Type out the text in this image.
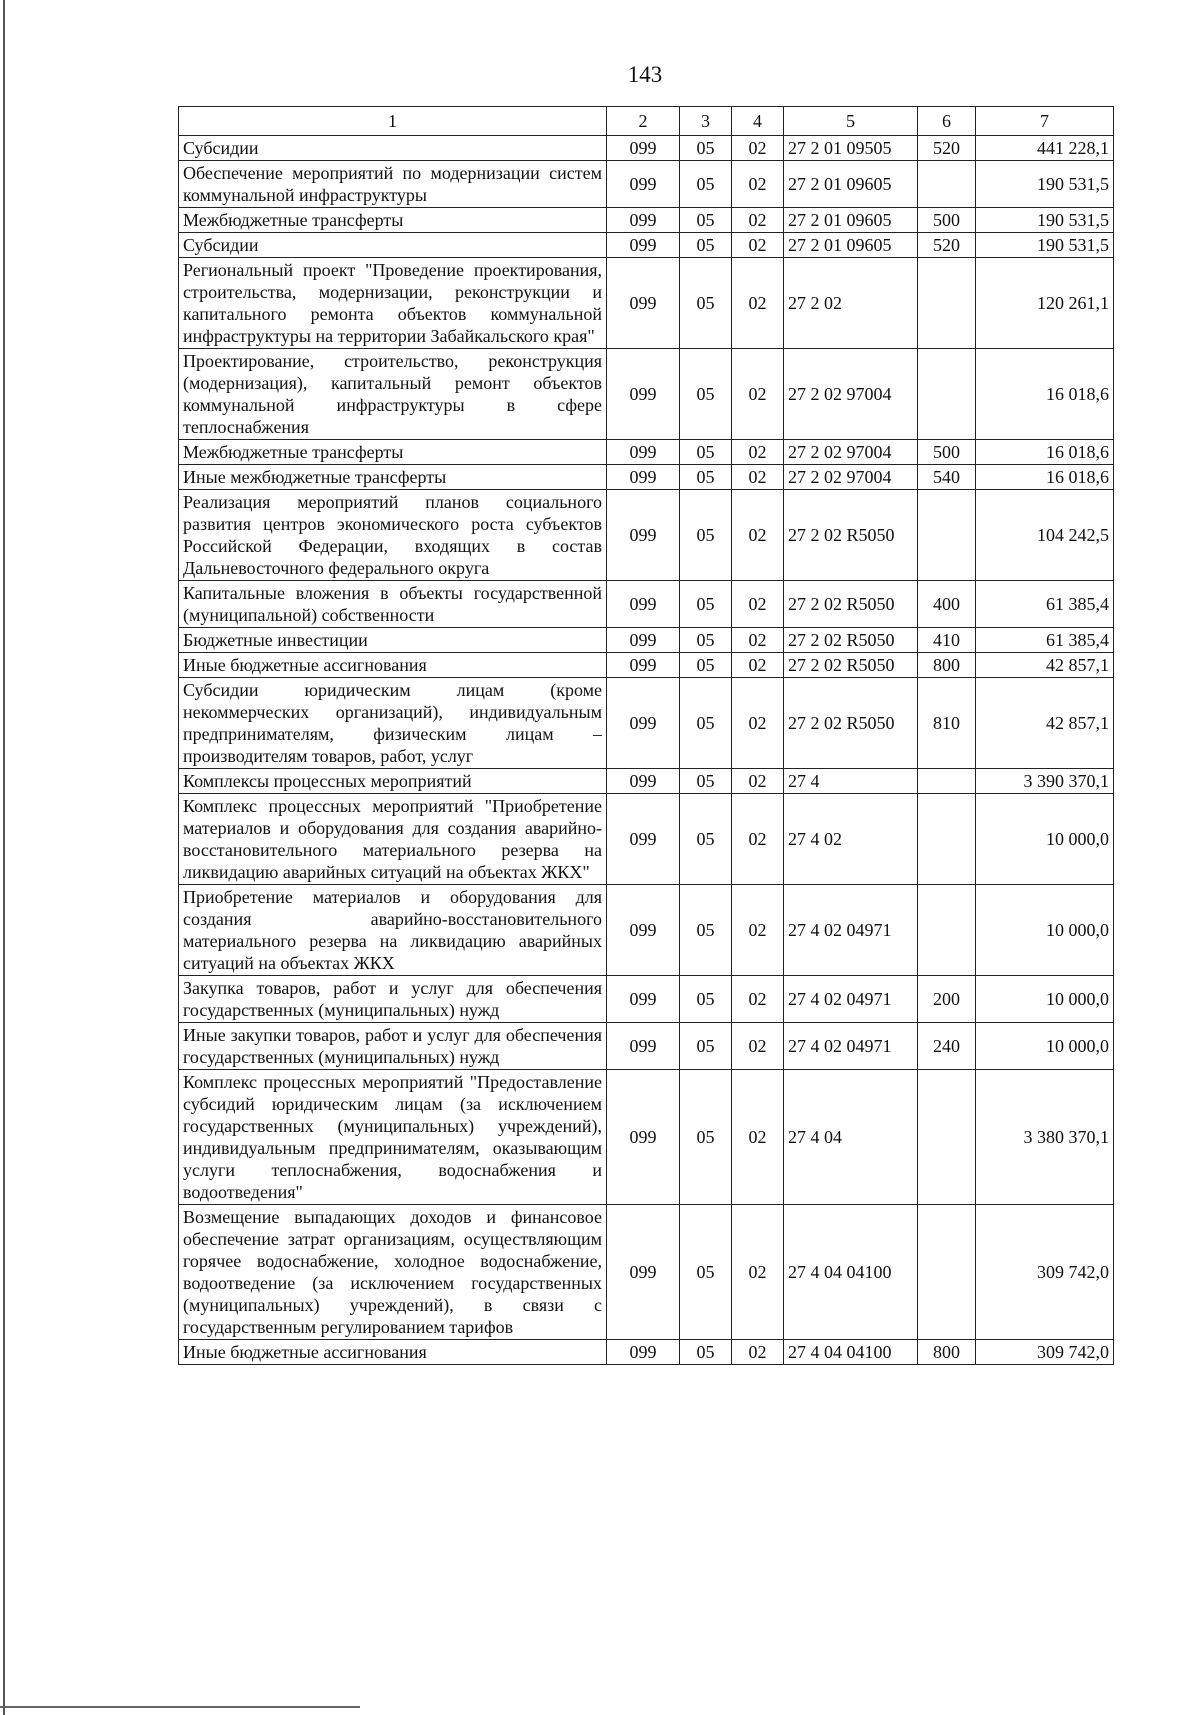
143
1	2	3	4	5	6	7
Субсидии	099	05	02	27 2 01 09505	520	441 228,1
Обеспечение мероприятий по модернизации систем коммунальной инфраструктуры	099	05	02	27 2 01 09605		190 531,5
Межбюджетные трансферты	099	05	02	27 2 01 09605	500	190 531,5
Субсидии	099	05	02	27 2 01 09605	520	190 531,5
Региональный проект "Проведение проектирования, строительства, модернизации, реконструкции и капитального ремонта объектов коммунальной инфраструктуры на территории Забайкальского края"	099	05	02	27 2 02		120 261,1
Проектирование, строительство, реконструкция (модернизация), капитальный ремонт объектов коммунальной инфраструктуры в сфере теплоснабжения	099	05	02	27 2 02 97004		16 018,6
Межбюджетные трансферты	099	05	02	27 2 02 97004	500	16 018,6
Иные межбюджетные трансферты	099	05	02	27 2 02 97004	540	16 018,6
Реализация мероприятий планов социального развития центров экономического роста субъектов Российской Федерации, входящих в состав Дальневосточного федерального округа	099	05	02	27 2 02 R5050		104 242,5
Капитальные вложения в объекты государственной (муниципальной) собственности	099	05	02	27 2 02 R5050	400	61 385,4
Бюджетные инвестиции	099	05	02	27 2 02 R5050	410	61 385,4
Иные бюджетные ассигнования	099	05	02	27 2 02 R5050	800	42 857,1
Субсидии юридическим лицам (кроме некоммерческих организаций), индивидуальным предпринимателям, физическим лицам – производителям товаров, работ, услуг	099	05	02	27 2 02 R5050	810	42 857,1
Комплексы процессных мероприятий	099	05	02	27 4		3 390 370,1
Комплекс процессных мероприятий "Приобретение материалов и оборудования для создания аварийно-восстановительного материального резерва на ликвидацию аварийных ситуаций на объектах ЖКХ"	099	05	02	27 4 02		10 000,0
Приобретение материалов и оборудования для создания аварийно-восстановительного материального резерва на ликвидацию аварийных ситуаций на объектах ЖКХ	099	05	02	27 4 02 04971		10 000,0
Закупка товаров, работ и услуг для обеспечения государственных (муниципальных) нужд	099	05	02	27 4 02 04971	200	10 000,0
Иные закупки товаров, работ и услуг для обеспечения государственных (муниципальных) нужд	099	05	02	27 4 02 04971	240	10 000,0
Комплекс процессных мероприятий "Предоставление субсидий юридическим лицам (за исключением государственных (муниципальных) учреждений), индивидуальным предпринимателям, оказывающим услуги теплоснабжения, водоснабжения и водоотведения"	099	05	02	27 4 04		3 380 370,1
Возмещение выпадающих доходов и финансовое обеспечение затрат организациям, осуществляющим горячее водоснабжение, холодное водоснабжение, водоотведение (за исключением государственных (муниципальных) учреждений), в связи с государственным регулированием тарифов	099	05	02	27 4 04 04100		309 742,0
Иные бюджетные ассигнования	099	05	02	27 4 04 04100	800	309 742,0
